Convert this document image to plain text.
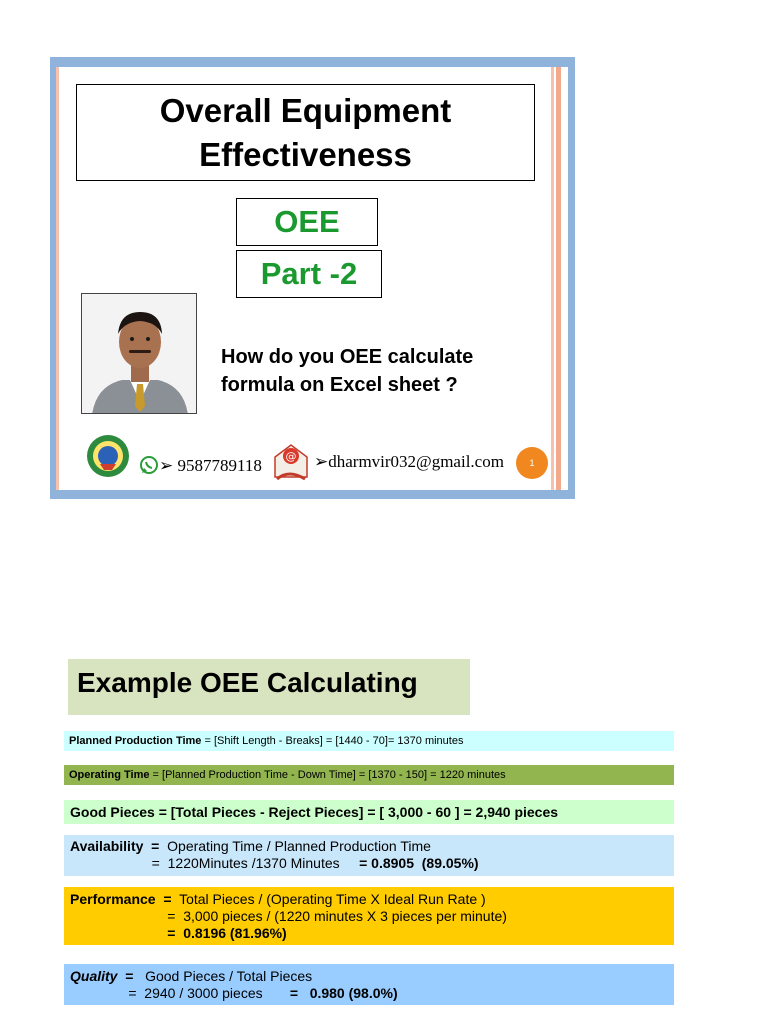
Overall Equipment
Effectiveness
OEE
Part -2
How do you OEE calculate
formula on Excel sheet ?
➢ 9587789118 @ ➢dharmvir032@gmail.com	1
Example OEE Calculating
Planned Production Time = [Shift Length - Breaks] = [1440 - 70]= 1370 minutes
Operating Time = [Planned Production Time - Down Time] = [1370 - 150] = 1220 minutes
Good Pieces = [Total Pieces - Reject Pieces] = [ 3,000 - 60 ] = 2,940 pieces
Availability  =  Operating Time / Planned Production Time
=  1220Minutes /1370 Minutes     = 0.8905  (89.05%)
Performance  =  Total Pieces / (Operating Time X Ideal Run Rate )
=  3,000 pieces / (1220 minutes X 3 pieces per minute)
=  0.8196 (81.96%)
Quality  =   Good Pieces / Total Pieces
=  2940 / 3000 pieces       =   0.980 (98.0%)
